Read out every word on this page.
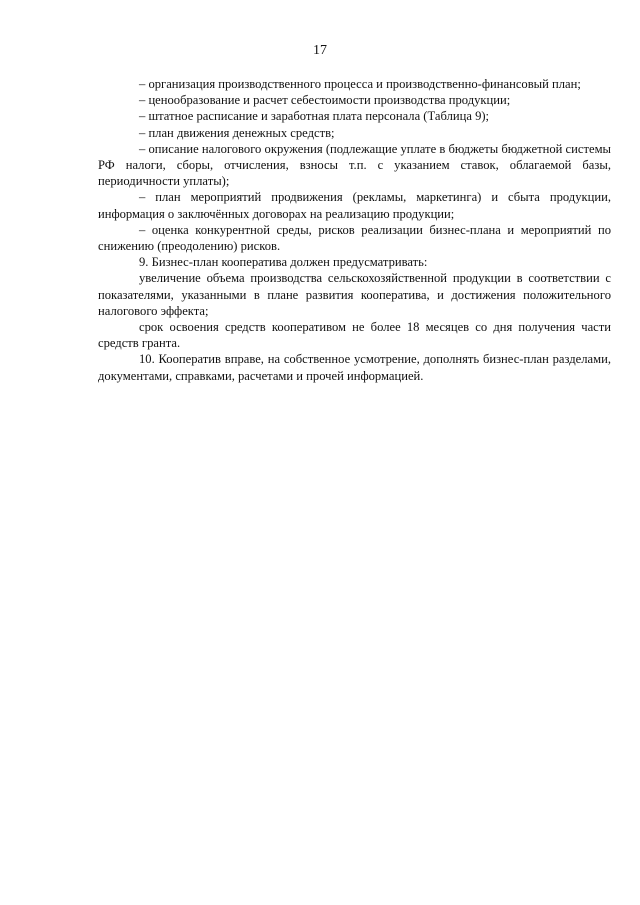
17

– организация производственного процесса и производственно-финансовый план;

– ценообразование и расчет себестоимости производства продукции;

– штатное расписание и заработная плата персонала (Таблица 9);

– план движения денежных средств;

– описание налогового окружения (подлежащие уплате в бюджеты бюджетной системы РФ налоги, сборы, отчисления, взносы т.п. с указанием ставок, облагаемой базы, периодичности уплаты);

– план мероприятий продвижения (рекламы, маркетинга) и сбыта продукции, информация о заключённых договорах на реализацию продукции;

– оценка конкурентной среды, рисков реализации бизнес-плана и мероприятий по снижению (преодолению) рисков.

9. Бизнес-план кооператива должен предусматривать:

увеличение объема производства сельскохозяйственной продукции в соответствии с показателями, указанными в плане развития кооператива, и достижения положительного налогового эффекта;

срок освоения средств кооперативом не более 18 месяцев со дня получения части средств гранта.

10. Кооператив вправе, на собственное усмотрение, дополнять бизнес-план разделами, документами, справками, расчетами и прочей информацией.
